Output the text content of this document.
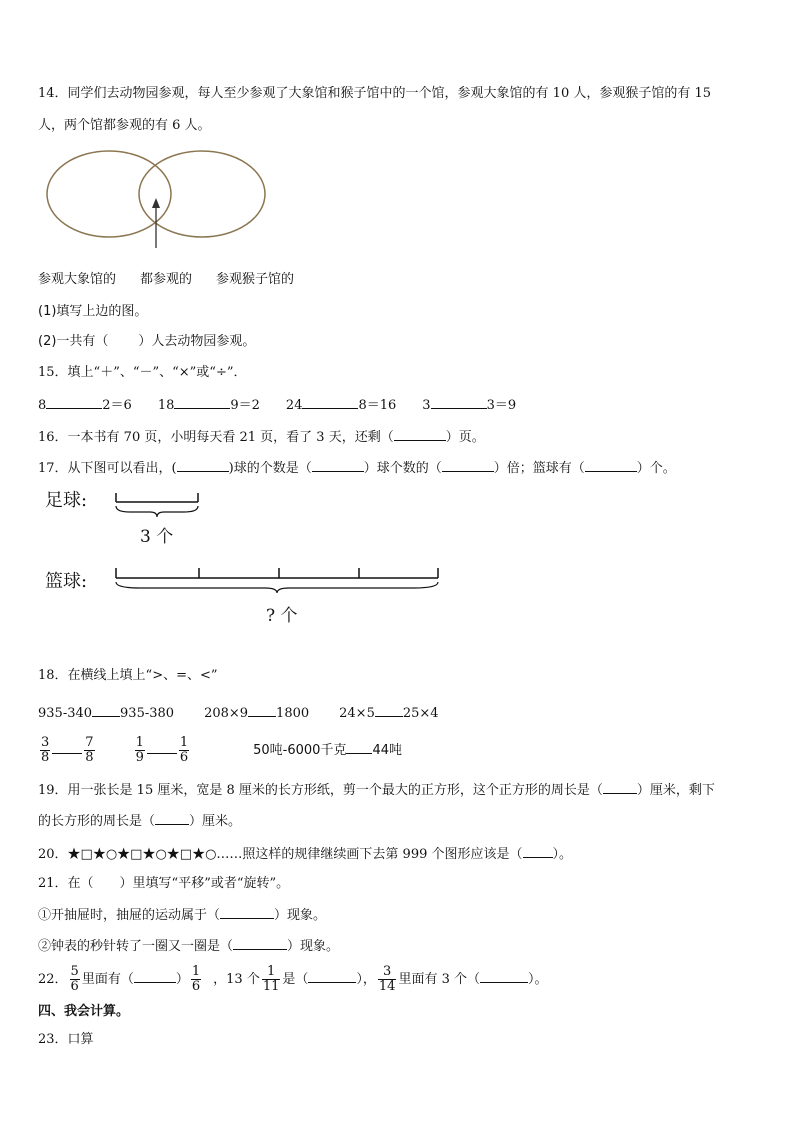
14．同学们去动物园参观，每人至少参观了大象馆和猴子馆中的一个馆，参观大象馆的有 10 人，参观猴子馆的有 15
人，两个馆都参观的有 6 人。
参观大象馆的 都参观的 参观猴子馆的
(1)填写上边的图。
(2)一共有（ ）人去动物园参观。
15．填上“＋”、“－”、“×”或“÷”．
8	2＝6 18	9＝2 24	8＝16 3	3＝9
16．一本书有 70 页，小明每天看 21 页，看了 3 天，还剩（	）页。
17．从下图可以看出，(	)球的个数是（	）球个数的（	）倍；篮球有（	）个。
足球:
3 个
篮球:
? 个
18．在横线上填上“>、=、<”
935-340 935-380 208×9 1800 24×5 25×4
$\frac{3}{8}$	$\frac{7}{8}$	$\frac{1}{9}$	$\frac{1}{6}$	50吨-6000千克 44吨
19．用一张长是 15 厘米，宽是 8 厘米的长方形纸，剪一个最大的正方形，这个正方形的周长是（	）厘米，剩下
的长方形的周长是（	）厘米。
20．★□★○★□★○★□★○……照这样的规律继续画下去第 999 个图形应该是（ ）。
21．在（　　）里填写“平移”或者“旋转”。
①开抽屉时，抽屉的运动属于（	）现象。
②钟表的秒针转了一圈又一圈是（	）现象。
22． $\frac{5}{6}$ 里面有（	） $\frac{1}{6}$ ，13 个 $\frac{1}{11}$ 是（	）， $\frac{3}{14}$ 里面有 3 个（	）。
四、我会计算。
23．口算
